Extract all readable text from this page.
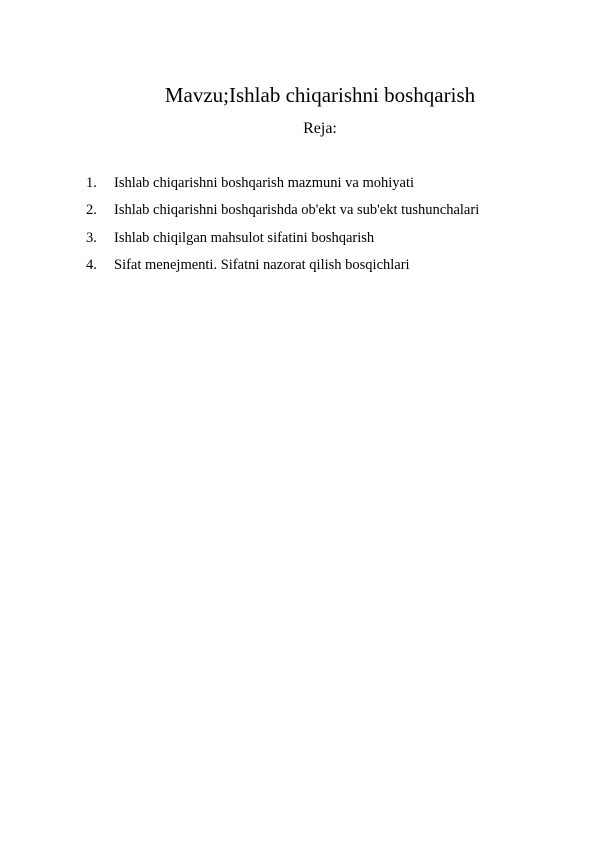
Mavzu;Ishlab chiqarishni boshqarish
Reja:
1.	Ishlab chiqarishni boshqarish mazmuni va mohiyati
2.	Ishlab chiqarishni boshqarishda ob'ekt va sub'ekt tushunchalari
3.	Ishlab chiqilgan mahsulot sifatini boshqarish
4.	Sifat menejmenti. Sifatni nazorat qilish bosqichlari
